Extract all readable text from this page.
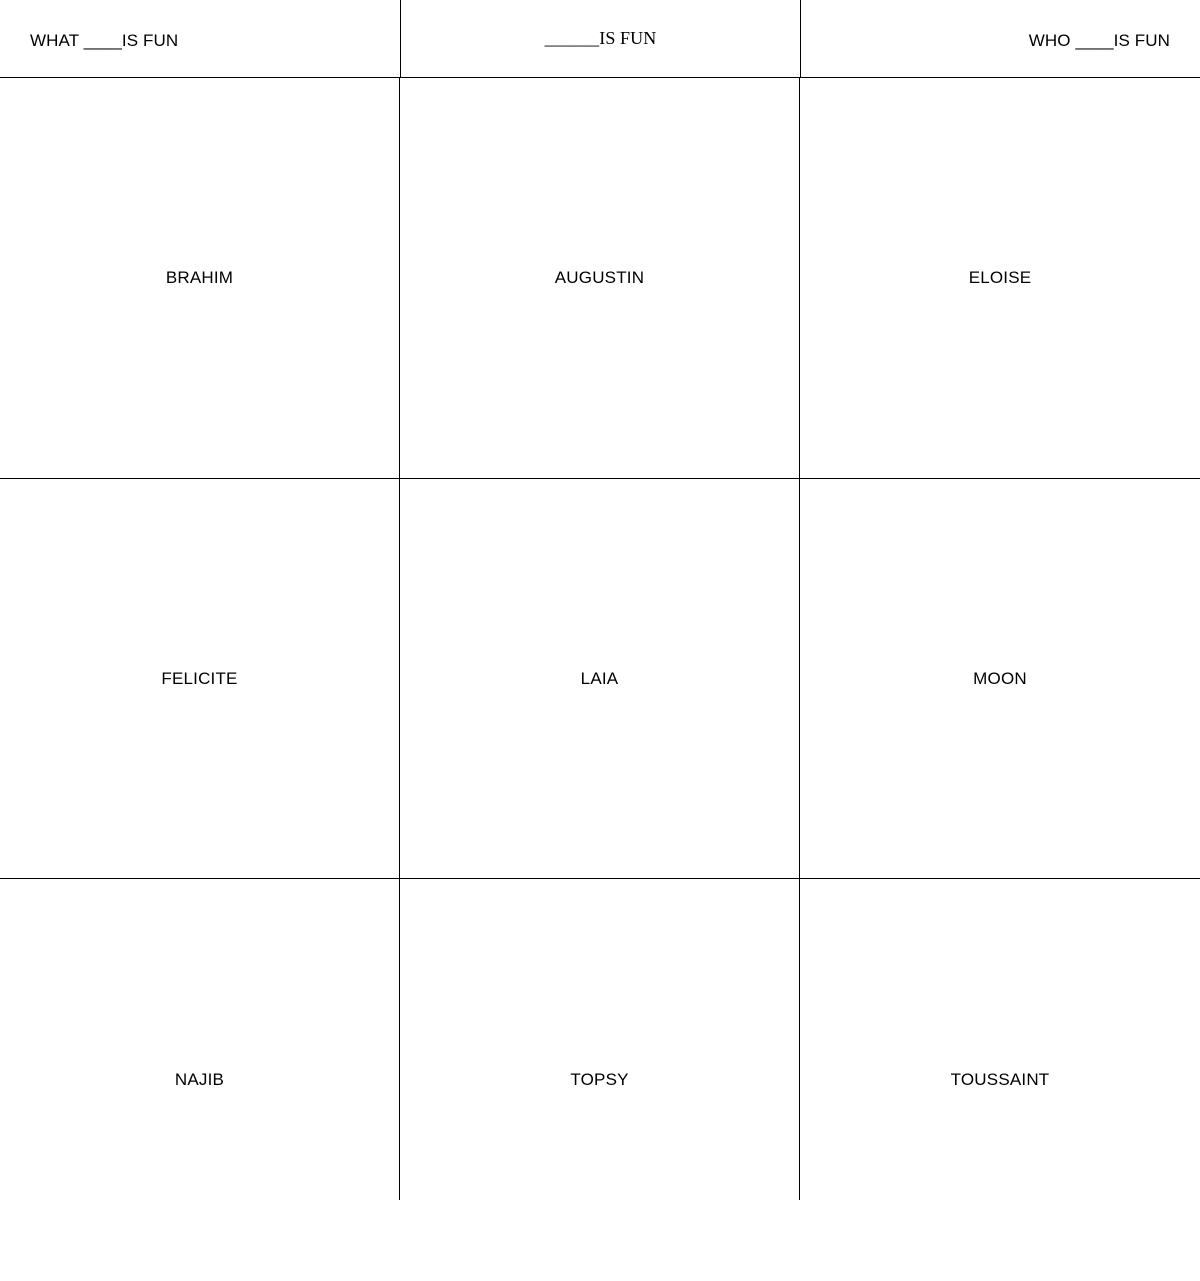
WHAT ____IS FUN	______IS FUN	WHO ____IS FUN
BRAHIM	AUGUSTIN	ELOISE
FELICITE	LAIA	MOON
NAJIB	TOPSY	TOUSSAINT
